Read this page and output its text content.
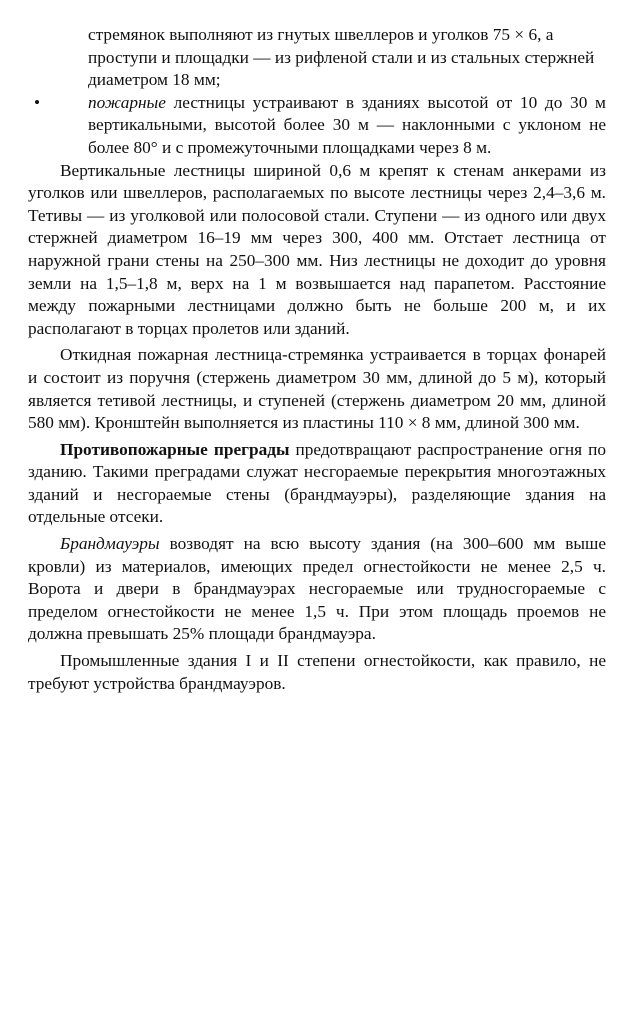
стремянок выполняют из гнутых швеллеров и уголков 75 × 6, а проступи и площадки — из рифленой стали и из стальных стержней диаметром 18 мм;

•	пожарные лестницы устраивают в зданиях высотой от 10 до 30 м вертикальными, высотой более 30 м — наклонными с уклоном не более 80° и с промежуточными площадками через 8 м.

Вертикальные лестницы шириной 0,6 м крепят к стенам анкерами из уголков или швеллеров, располагаемых по высоте лестницы через 2,4–3,6 м. Тетивы — из уголковой или полосовой стали. Ступени — из одного или двух стержней диаметром 16–19 мм через 300, 400 мм. Отстает лестница от наружной грани стены на 250–300 мм. Низ лестницы не доходит до уровня земли на 1,5–1,8 м, верх на 1 м возвышается над парапетом. Расстояние между пожарными лестницами должно быть не больше 200 м, и их располагают в торцах пролетов или зданий.

Откидная пожарная лестница-стремянка устраивается в торцах фонарей и состоит из поручня (стержень диаметром 30 мм, длиной до 5 м), который является тетивой лестницы, и ступеней (стержень диаметром 20 мм, длиной 580 мм). Кронштейн выполняется из пластины 110 × 8 мм, длиной 300 мм.

Противопожарные преграды предотвращают распространение огня по зданию. Такими преградами служат несгораемые перекрытия многоэтажных зданий и несгораемые стены (брандмауэры), разделяющие здания на отдельные отсеки.

Брандмауэры возводят на всю высоту здания (на 300–600 мм выше кровли) из материалов, имеющих предел огнестойкости не менее 2,5 ч. Ворота и двери в брандмауэрах несгораемые или трудносгораемые с пределом огнестойкости не менее 1,5 ч. При этом площадь проемов не должна превышать 25% площади брандмауэра.

Промышленные здания I и II степени огнестойкости, как правило, не требуют устройства брандмауэров.
